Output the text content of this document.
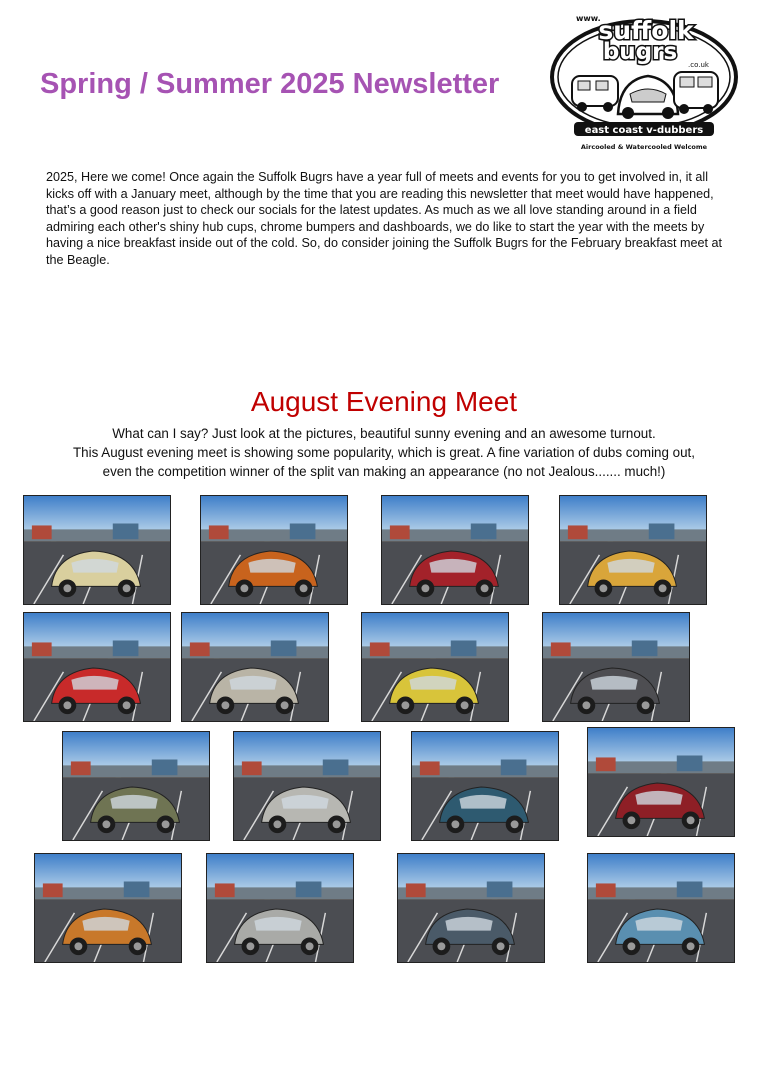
Spring / Summer 2025 Newsletter
www.
suffolk
bugrs .co.uk
east coast v-dubbers
Aircooled & Watercooled Welcome
2025, Here we come! Once again the Suffolk Bugrs have a year full of meets and events for you to get involved in, it all kicks off with a January meet, although by the time that you are reading this newsletter that meet would have happened, that’s a good reason just to check our socials for the latest updates. As much as we all love standing around in a field admiring each other's shiny hub cups, chrome bumpers and dashboards, we do like to start the year with the meets by having a nice breakfast inside out of the cold. So, do consider joining the Suffolk Bugrs for the February breakfast meet at the Beagle.
August Evening Meet
What can I say? Just look at the pictures, beautiful sunny evening and an awesome turnout.
This August evening meet is showing some popularity, which is great. A fine variation of dubs coming out,
even the competition winner of the split van making an appearance (no not Jealous....... much!)
